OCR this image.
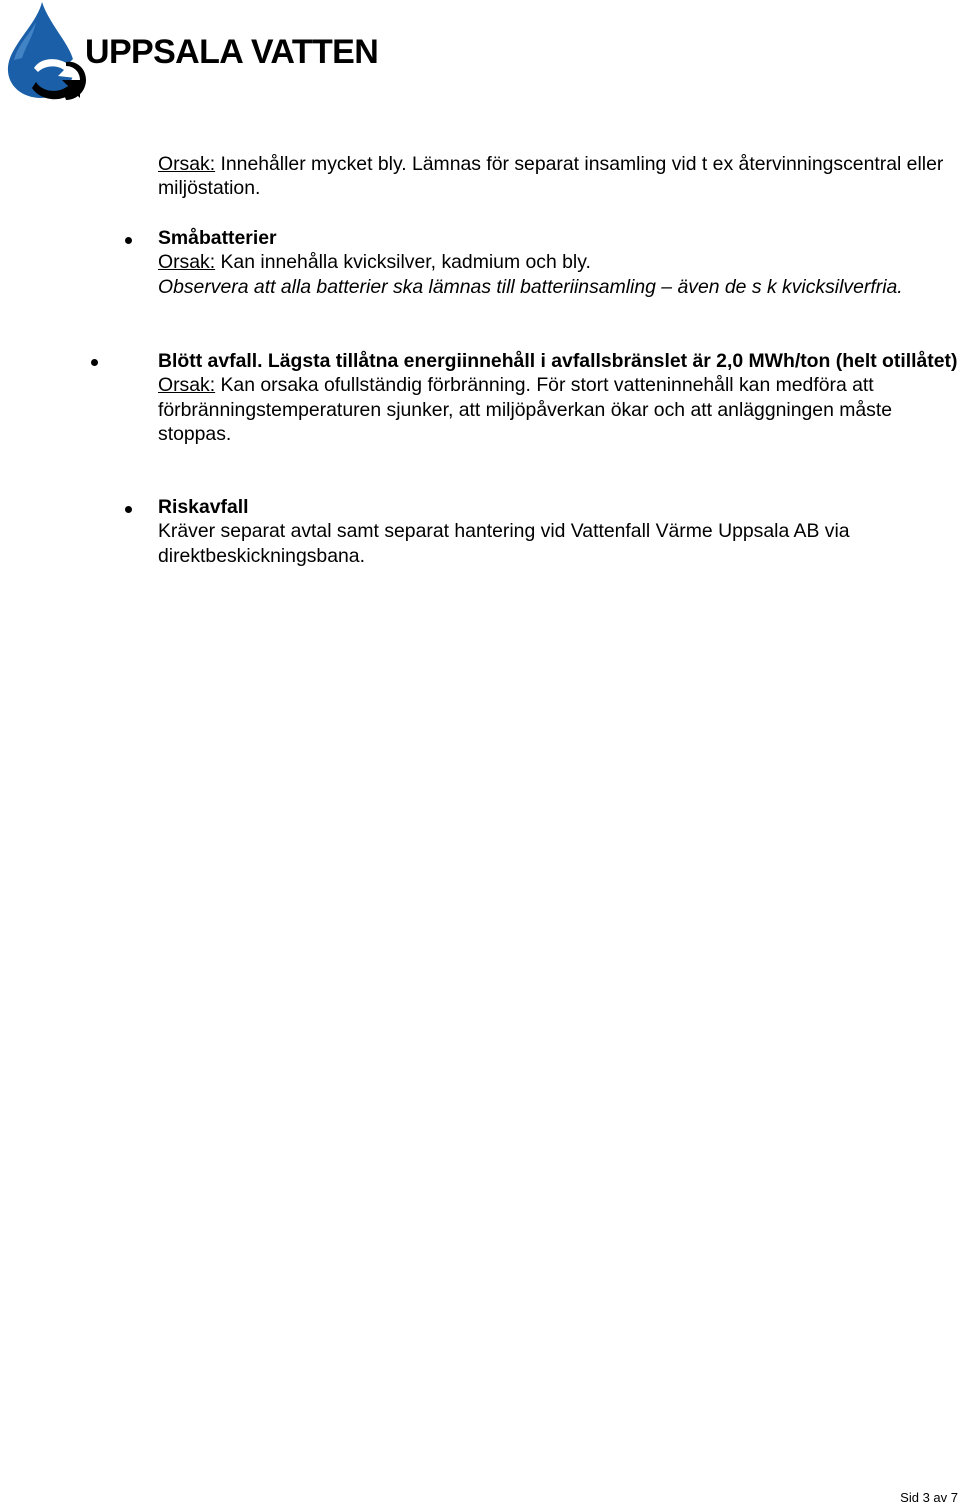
UPPSALA VATTEN

Orsak: Innehåller mycket bly. Lämnas för separat insamling vid t ex återvinningscentral eller miljöstation.

Småbatterier

Orsak: Kan innehålla kvicksilver, kadmium och bly.

Observera att alla batterier ska lämnas till batteriinsamling – även de s k kvicksilverfria.

Blött avfall. Lägsta tillåtna energiinnehåll i avfallsbränslet är 2,0 MWh/ton (helt otillåtet)

Orsak: Kan orsaka ofullständig förbränning. För stort vatteninnehåll kan medföra att förbränningstemperaturen sjunker, att miljöpåverkan ökar och att anläggningen måste stoppas.

Riskavfall

Kräver separat avtal samt separat hantering vid Vattenfall Värme Uppsala AB via direktbeskickningsbana.

Sid 3 av 7
